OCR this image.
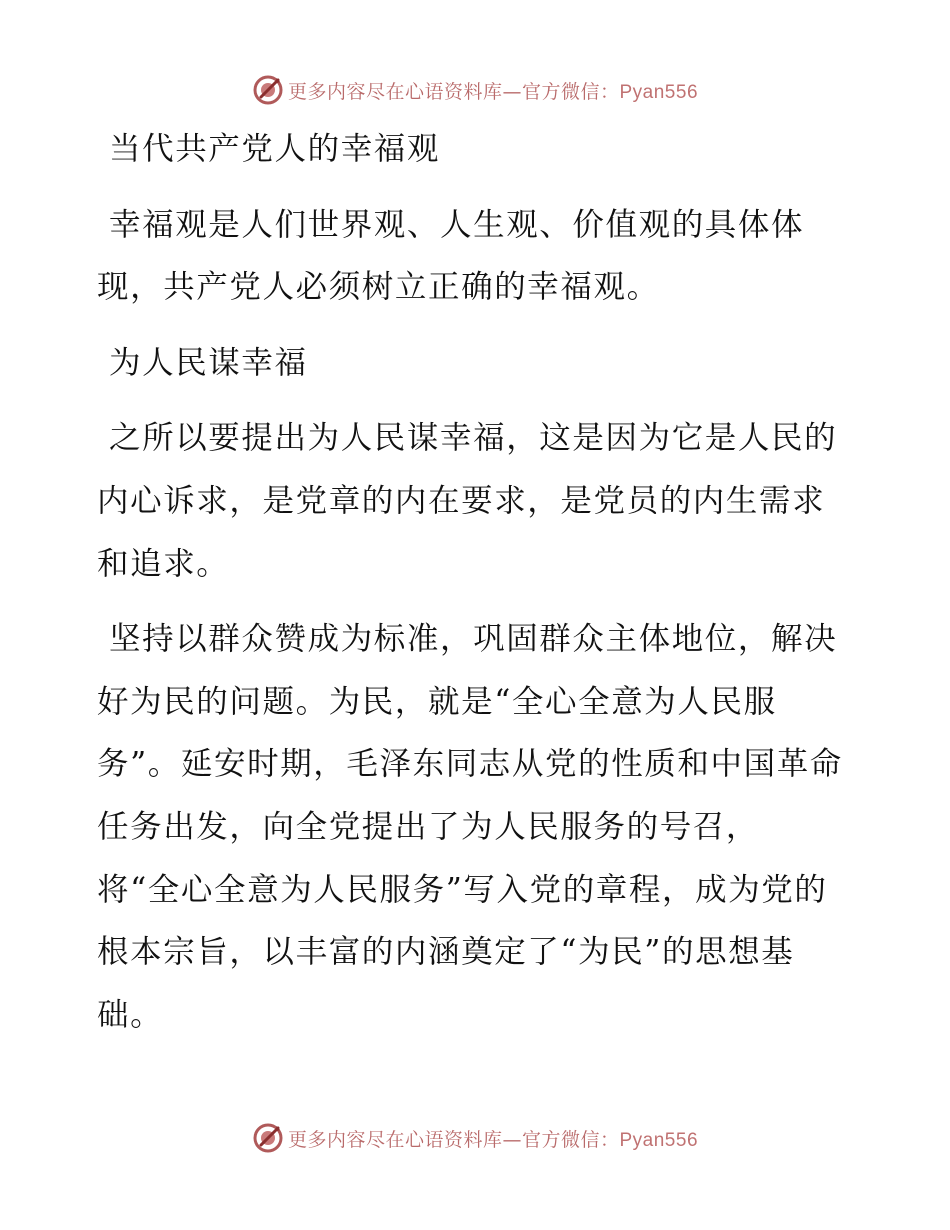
更多内容尽在心语资料库—官方微信：Pyan556

当代共产党人的幸福观

幸福观是人们世界观、人生观、价值观的具体体现，共产党人必须树立正确的幸福观。

为人民谋幸福

之所以要提出为人民谋幸福，这是因为它是人民的内心诉求，是党章的内在要求，是党员的内生需求和追求。

坚持以群众赞成为标准，巩固群众主体地位，解决好为民的问题。为民，就是“全心全意为人民服务”。延安时期，毛泽东同志从党的性质和中国革命任务出发，向全党提出了为人民服务的号召，

将“全心全意为人民服务”写入党的章程，成为党的根本宗旨，以丰富的内涵奠定了“为民”的思想基础。

更多内容尽在心语资料库—官方微信：Pyan556
